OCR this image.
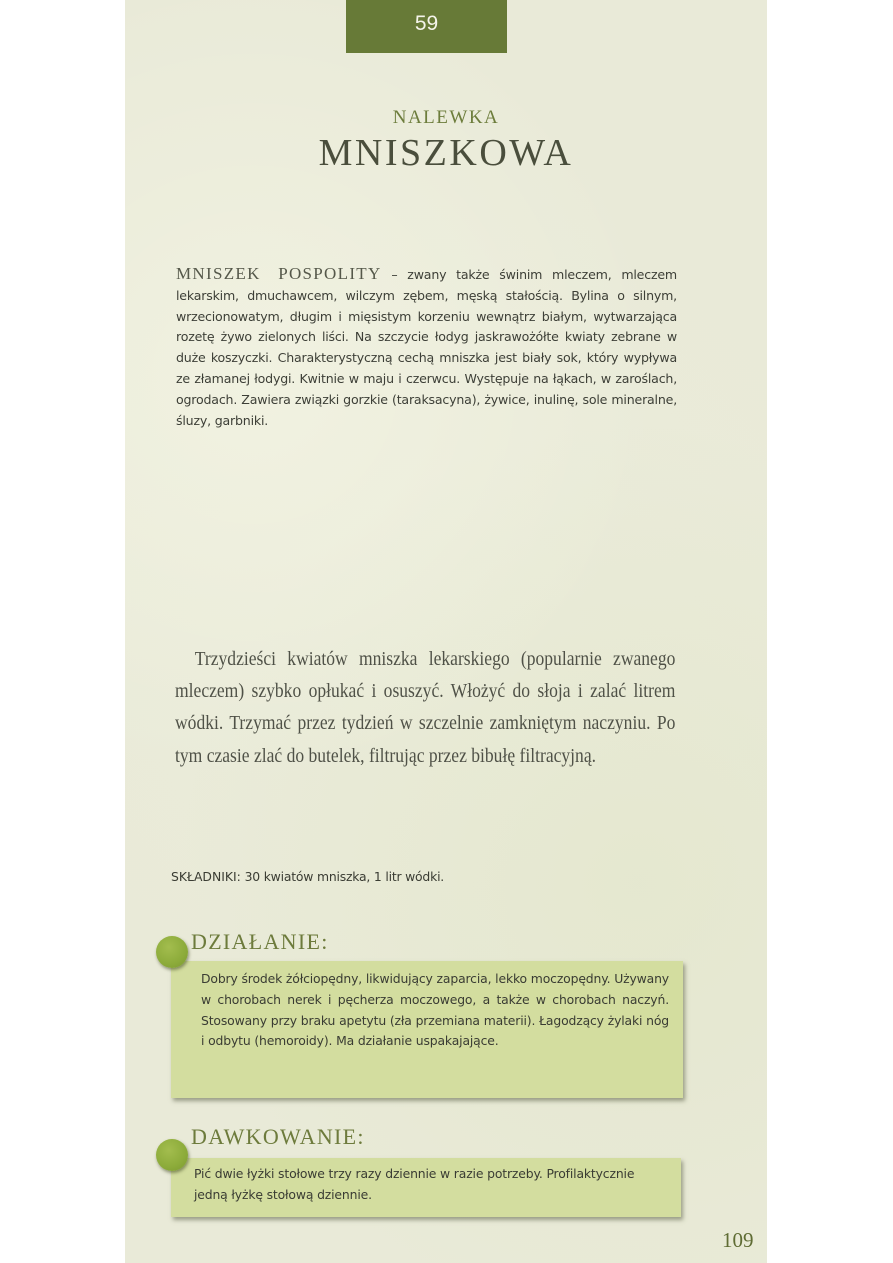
59
NALEWKA
MNISZKOWA

MNISZEK POSPOLITY – zwany także świnim mleczem, mleczem lekarskim, dmuchawcem, wilczym zębem, męską stałością. Bylina o silnym, wrzecionowatym, długim i mięsistym korzeniu wewnątrz białym, wytwarzająca rozetę żywo zielonych liści. Na szczycie łodyg jaskrawożółte kwiaty zebrane w duże koszyczki. Charakterystyczną cechą mniszka jest biały sok, który wypływa ze złamanej łodygi. Kwitnie w maju i czerwcu. Występuje na łąkach, w zaroślach, ogrodach. Zawiera związki gorzkie (taraksacyna), żywice, inulinę, sole mineralne, śluzy, garbniki.

Trzydzieści kwiatów mniszka lekarskiego (popularnie zwanego mleczem) szybko opłukać i osuszyć. Włożyć do słoja i zalać litrem wódki. Trzymać przez tydzień w szczelnie zamkniętym naczyniu. Po tym czasie zlać do butelek, filtrując przez bibułę filtracyjną.

SKŁADNIKI: 30 kwiatów mniszka, 1 litr wódki.
DZIAŁANIE:

Dobry środek żółciopędny, likwidujący zaparcia, lekko moczopędny. Używany w chorobach nerek i pęcherza moczowego, a także w chorobach naczyń. Stosowany przy braku apetytu (zła przemiana materii). Łagodzący żylaki nóg i odbytu (hemoroidy). Ma działanie uspakajające.

DAWKOWANIE:

Pić dwie łyżki stołowe trzy razy dziennie w razie potrzeby. Profilaktycznie jedną łyżkę stołową dziennie.

109
